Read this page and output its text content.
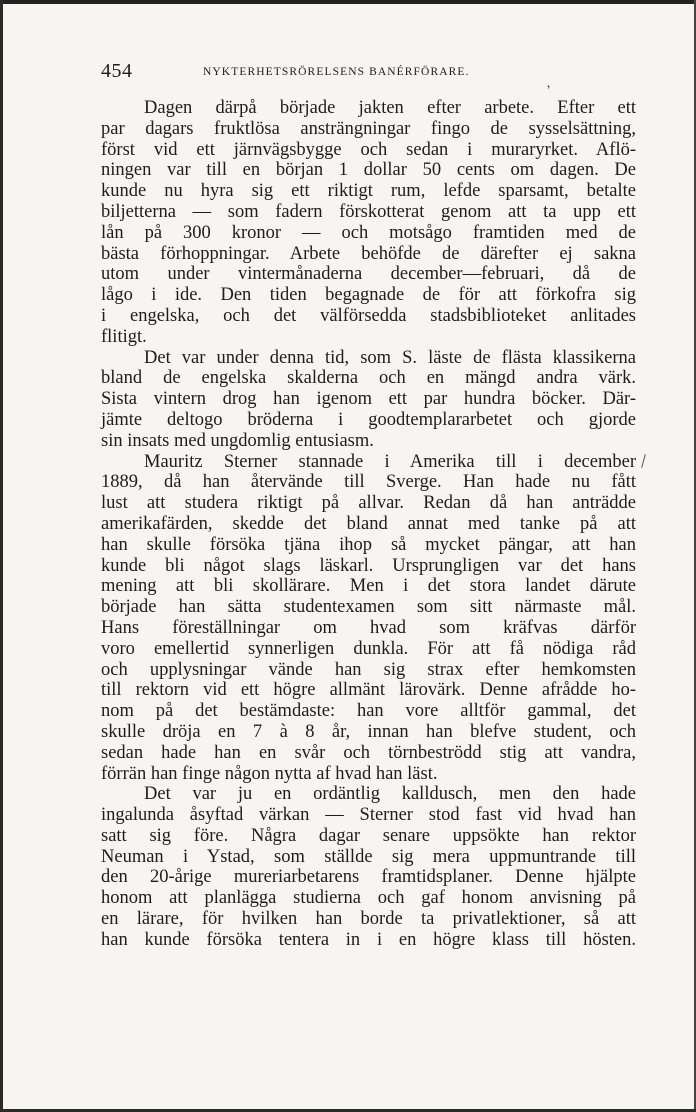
454	NYKTERHETSRÖRELSENS BANÉRFÖRARE.
,
Dagen därpå började jakten efter arbete. Efter ett
par dagars fruktlösa ansträngningar fingo de sysselsättning,
först vid ett järnvägsbygge och sedan i muraryrket. Aflö-
ningen var till en början 1 dollar 50 cents om dagen. De
kunde nu hyra sig ett riktigt rum, lefde sparsamt, betalte
biljetterna — som fadern förskotterat genom att ta upp ett
lån på 300 kronor — och motsågo framtiden med de
bästa förhoppningar. Arbete behöfde de därefter ej sakna
utom under vintermånaderna december—februari, då de
lågo i ide. Den tiden begagnade de för att förkofra sig
i engelska, och det välförsedda stadsbiblioteket anlitades
flitigt.
Det var under denna tid, som S. läste de flästa klassikerna
bland de engelska skalderna och en mängd andra värk.
Sista vintern drog han igenom ett par hundra böcker. Där-
jämte deltogo bröderna i goodtemplararbetet och gjorde
sin insats med ungdomlig entusiasm.
Mauritz Sterner stannade i Amerika till i december
1889, då han återvände till Sverge. Han hade nu fått
lust att studera riktigt på allvar. Redan då han anträdde
amerikafärden, skedde det bland annat med tanke på att
han skulle försöka tjäna ihop så mycket pängar, att han
kunde bli något slags läskarl. Ursprungligen var det hans
mening att bli skollärare. Men i det stora landet därute
började han sätta studentexamen som sitt närmaste mål.
Hans föreställningar om hvad som kräfvas därför
voro emellertid synnerligen dunkla. För att få nödiga råd
och upplysningar vände han sig strax efter hemkomsten
till rektorn vid ett högre allmänt lärovärk. Denne afrådde ho-
nom på det bestämdaste: han vore alltför gammal, det
skulle dröja en 7 à 8 år, innan han blefve student, och
sedan hade han en svår och törnbeströdd stig att vandra,
förrän han finge någon nytta af hvad han läst.
Det var ju en ordäntlig kalldusch, men den hade
ingalunda åsyftad värkan — Sterner stod fast vid hvad han
satt sig före. Några dagar senare uppsökte han rektor
Neuman i Ystad, som ställde sig mera uppmuntrande till
den 20-årige mureriarbetarens framtidsplaner. Denne hjälpte
honom att planlägga studierna och gaf honom anvisning på
en lärare, för hvilken han borde ta privatlektioner, så att
han kunde försöka tentera in i en högre klass till hösten.
